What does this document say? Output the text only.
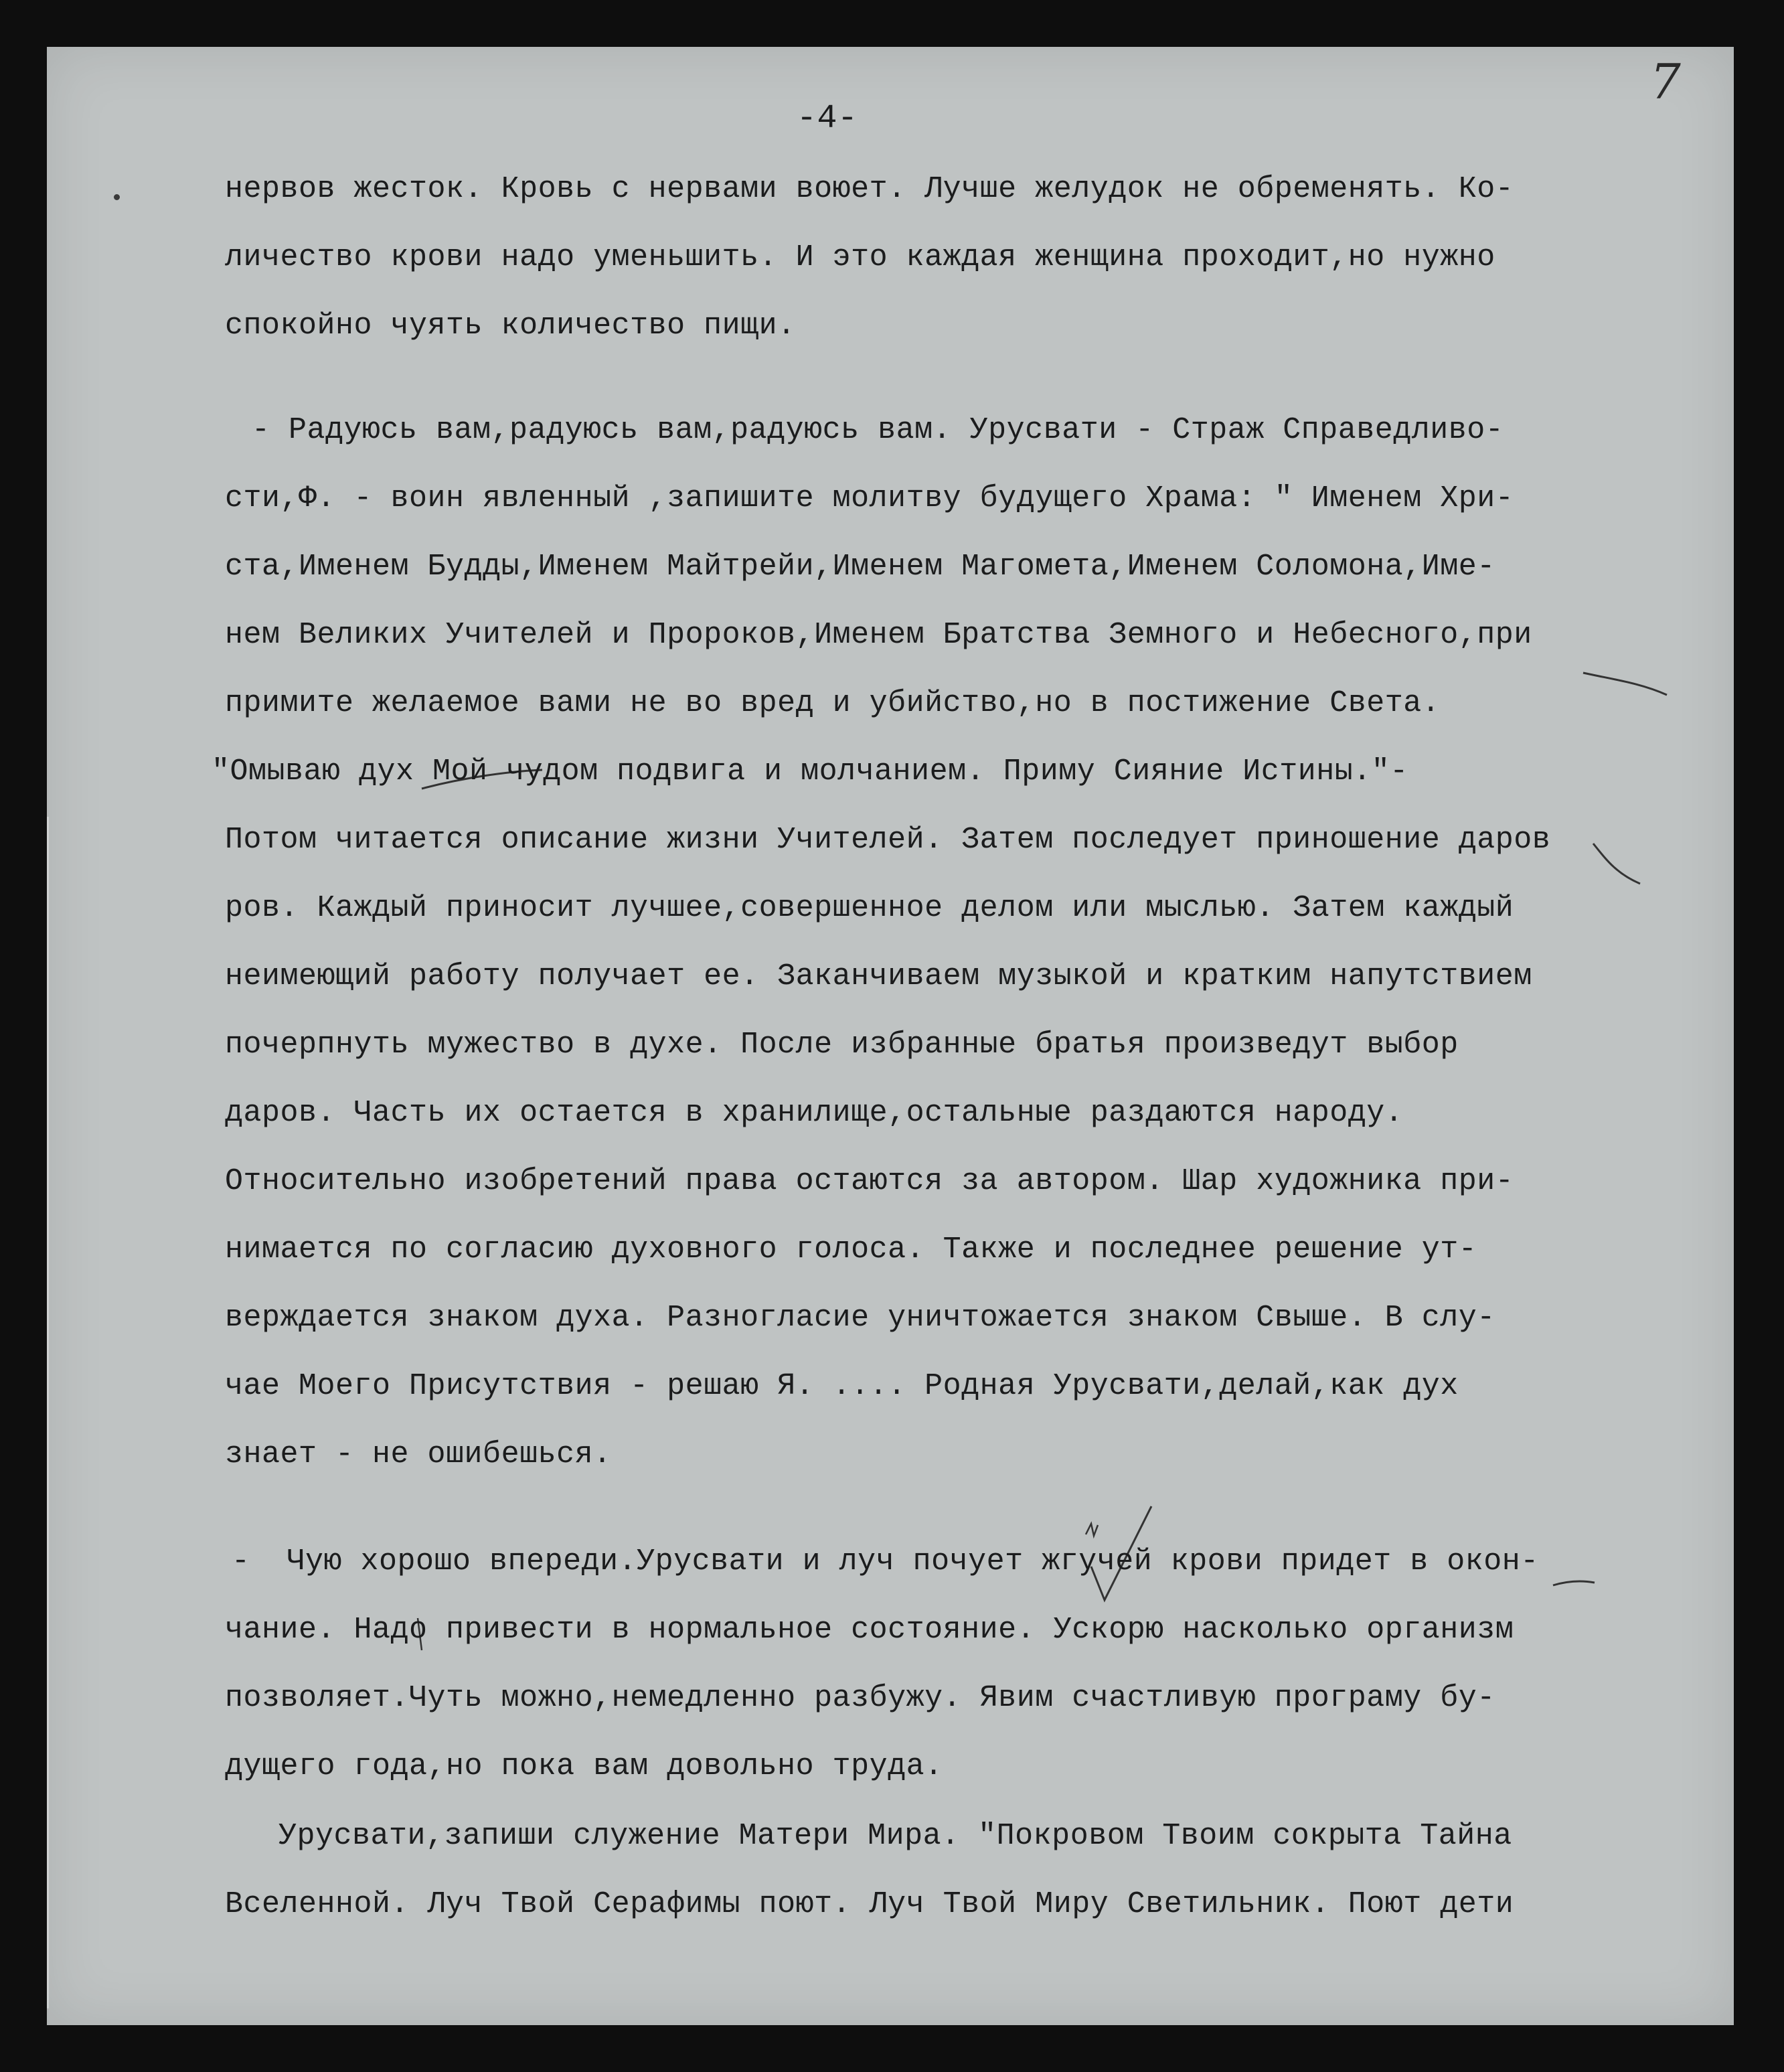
7
-4-
нервов жесток. Кровь с нервами воюет. Лучше желудок не обременять. Ко-
личество крови надо уменьшить. И это каждая женщина проходит,но нужно
спокойно чуять количество пищи.
- Радуюсь вам,радуюсь вам,радуюсь вам. Урусвати - Страж Справедливо-
сти,Ф. - воин явленный ,запишите молитву будущего Храма: " Именем Хри-
ста,Именем Будды,Именем Майтрейи,Именем Магомета,Именем Соломона,Име-
нем Великих Учителей и Пророков,Именем Братства Земного и Небесного,при
примите желаемое вами не во вред и убийство,но в постижение Света.
"Омываю дух Мой чудом подвига и молчанием. Приму Сияние Истины."-
Потом читается описание жизни Учителей. Затем последует приношение даров
ров. Каждый приносит лучшее,совершенное делом или мыслью. Затем каждый
неимеющий работу получает ее. Заканчиваем музыкой и кратким напутствием
почерпнуть мужество в духе. После избранные братья произведут выбор
даров. Часть их остается в хранилище,остальные раздаются народу.
Относительно изобретений права остаются за автором. Шар художника при-
нимается по согласию духовного голоса. Также и последнее решение ут-
верждается знаком духа. Разногласие уничтожается знаком Свыше. В слу-
чае Моего Присутствия - решаю Я. .... Родная Урусвати,делай,как дух
знает - не ошибешься.
-  Чую хорошо впереди.Урусвати и луч почует жгучей крови придет в окон-
чание. Надо привести в нормальное состояние. Ускорю насколько организм
позволяет.Чуть можно,немедленно разбужу. Явим счастливую програму бу-
дущего года,но пока вам довольно труда.
Урусвати,запиши служение Матери Мира. "Покровом Твоим сокрыта Тайна
Вселенной. Луч Твой Серафимы поют. Луч Твой Миру Светильник. Поют дети
